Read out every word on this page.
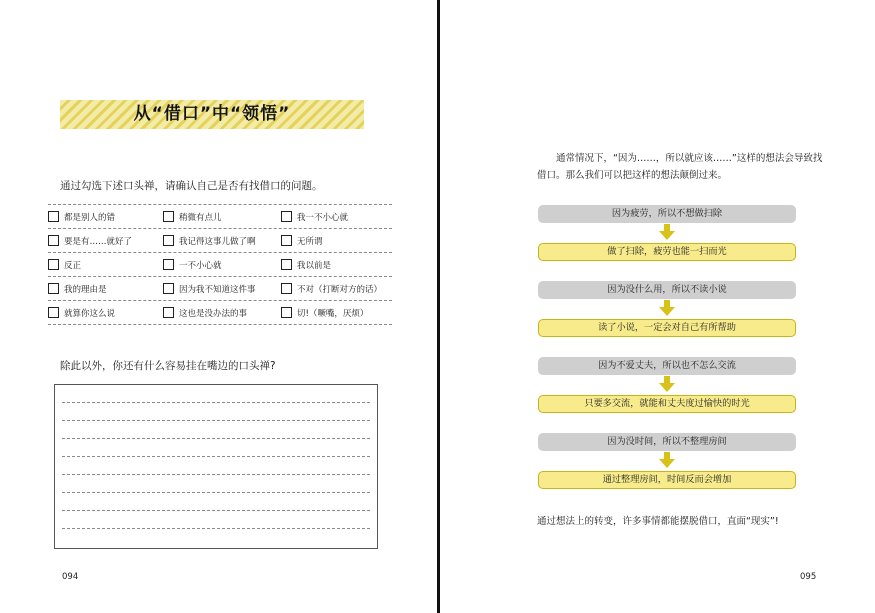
从“借口”中“领悟”
通过勾选下述口头禅，请确认自己是否有找借口的问题。
都是别人的错	稍微有点儿	我一不小心就
要是有……就好了	我记得这事儿做了啊	无所谓
反正	一不小心就	我以前是
我的理由是	因为我不知道这件事	不对（打断对方的话）
就算你这么说	这也是没办法的事	切!（噘嘴，厌烦）
除此以外，你还有什么容易挂在嘴边的口头禅?
094
通常情况下，“因为……，所以就应该……”这样的想法会导致找借口。那么我们可以把这样的想法颠倒过来。
因为疲劳，所以不想做扫除
做了扫除，疲劳也能一扫而光
因为没什么用，所以不读小说
读了小说，一定会对自己有所帮助
因为不爱丈夫，所以也不怎么交流
只要多交流，就能和丈夫度过愉快的时光
因为没时间，所以不整理房间
通过整理房间，时间反而会增加
通过想法上的转变，许多事情都能摆脱借口，直面“现实”!
095
